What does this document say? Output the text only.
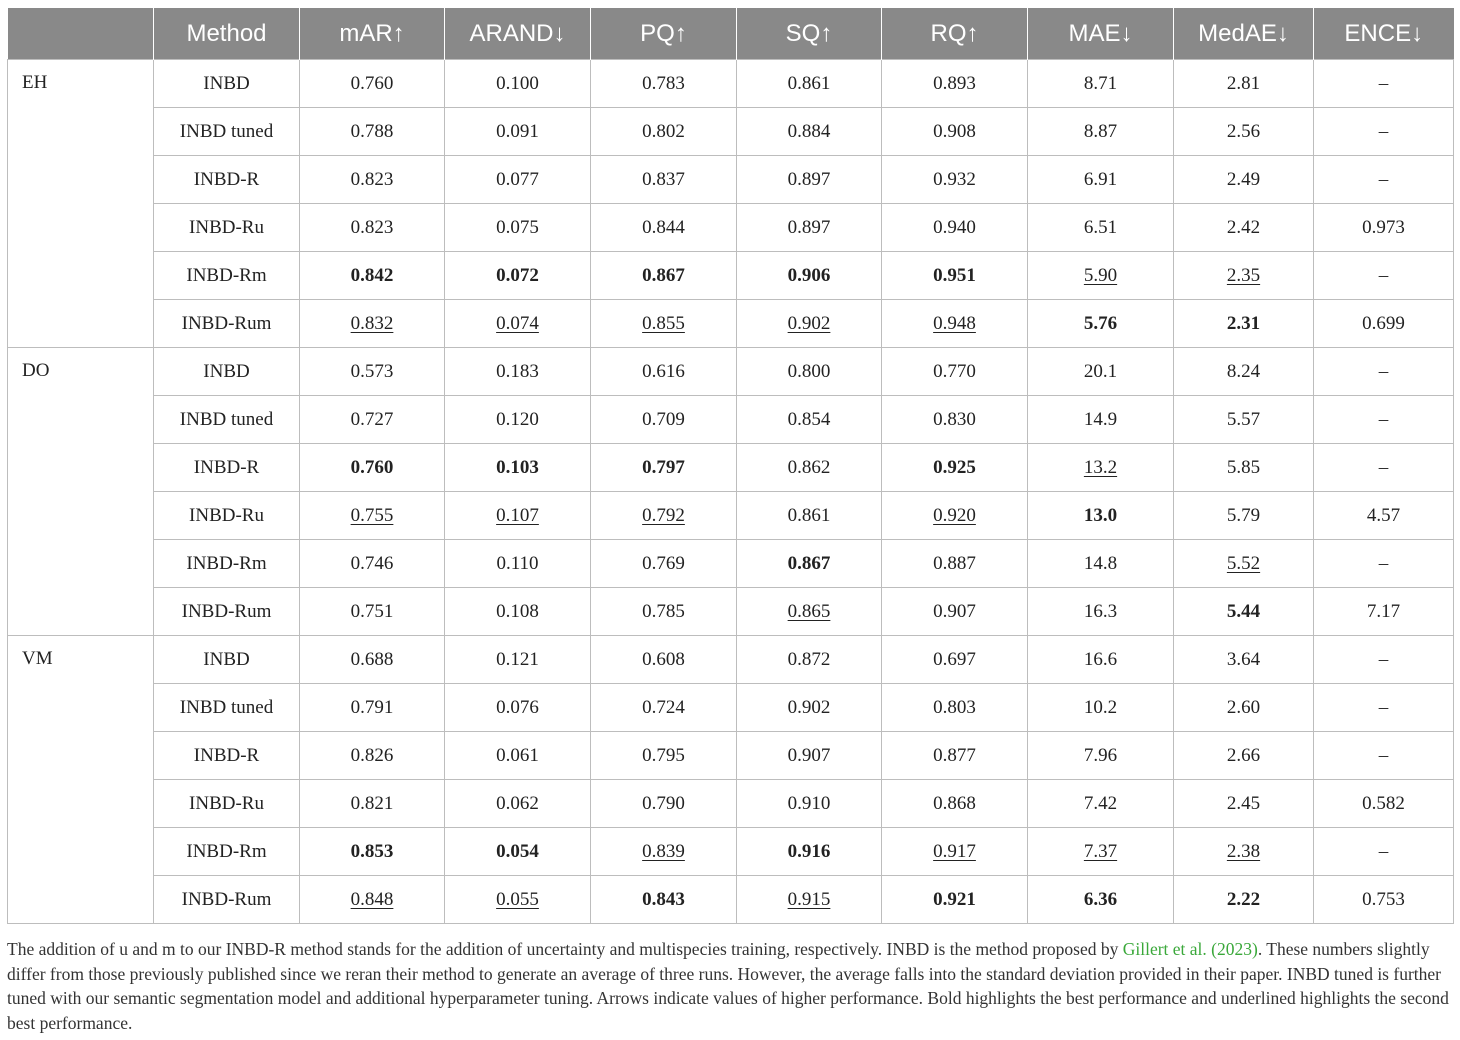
	Method	mAR↑	ARAND↓	PQ↑	SQ↑	RQ↑	MAE↓	MedAE↓	ENCE↓
EH	INBD	0.760	0.100	0.783	0.861	0.893	8.71	2.81	–
	INBD tuned	0.788	0.091	0.802	0.884	0.908	8.87	2.56	–
	INBD-R	0.823	0.077	0.837	0.897	0.932	6.91	2.49	–
	INBD-Ru	0.823	0.075	0.844	0.897	0.940	6.51	2.42	0.973
	INBD-Rm	0.842	0.072	0.867	0.906	0.951	5.90	2.35	–
	INBD-Rum	0.832	0.074	0.855	0.902	0.948	5.76	2.31	0.699
DO	INBD	0.573	0.183	0.616	0.800	0.770	20.1	8.24	–
	INBD tuned	0.727	0.120	0.709	0.854	0.830	14.9	5.57	–
	INBD-R	0.760	0.103	0.797	0.862	0.925	13.2	5.85	–
	INBD-Ru	0.755	0.107	0.792	0.861	0.920	13.0	5.79	4.57
	INBD-Rm	0.746	0.110	0.769	0.867	0.887	14.8	5.52	–
	INBD-Rum	0.751	0.108	0.785	0.865	0.907	16.3	5.44	7.17
VM	INBD	0.688	0.121	0.608	0.872	0.697	16.6	3.64	–
	INBD tuned	0.791	0.076	0.724	0.902	0.803	10.2	2.60	–
	INBD-R	0.826	0.061	0.795	0.907	0.877	7.96	2.66	–
	INBD-Ru	0.821	0.062	0.790	0.910	0.868	7.42	2.45	0.582
	INBD-Rm	0.853	0.054	0.839	0.916	0.917	7.37	2.38	–
	INBD-Rum	0.848	0.055	0.843	0.915	0.921	6.36	2.22	0.753
The addition of u and m to our INBD-R method stands for the addition of uncertainty and multispecies training, respectively. INBD is the method proposed by Gillert et al. (2023). These numbers slightly differ from those previously published since we reran their method to generate an average of three runs. However, the average falls into the standard deviation provided in their paper. INBD tuned is further tuned with our semantic segmentation model and additional hyperparameter tuning. Arrows indicate values of higher performance. Bold highlights the best performance and underlined highlights the second best performance.
